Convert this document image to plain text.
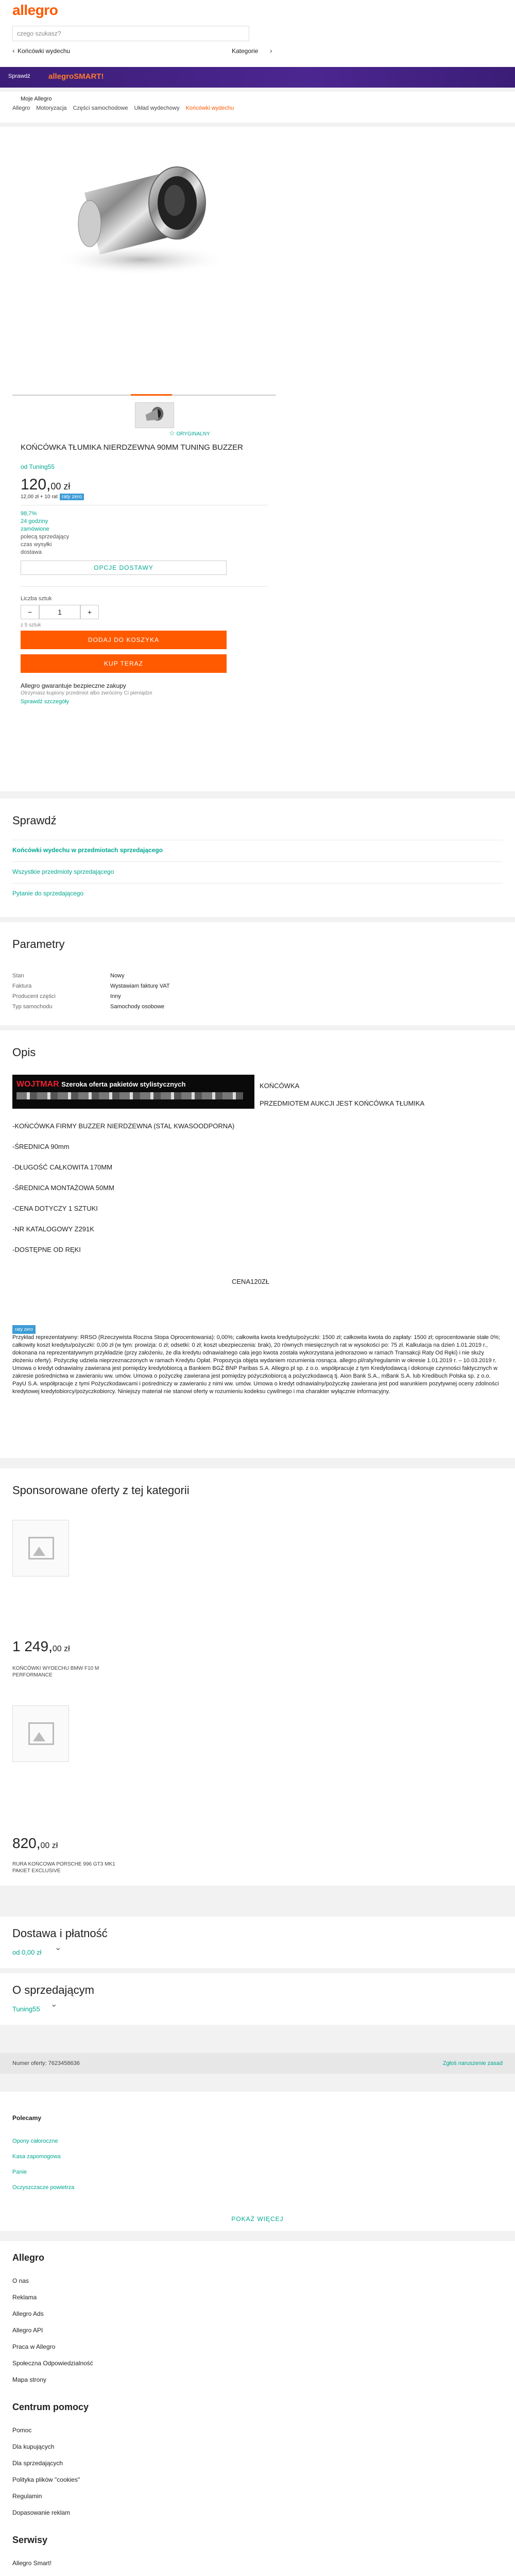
allegro
czego szukasz?
Końcówki wydechu
‹	Kategorie ›
Sprawdź allegroSMART!
Moje Allegro
Allegro Motoryzacja Części samochodowe Układ wydechowy Końcówki wydechu
☆ ORYGINALNY
KOŃCÓWKA TŁUMIKA NIERDZEWNA 90MM TUNING BUZZER
od Tuning55
120,00 zł
12,00 zł + 10 rat raty zero
98,7%
24 godziny
zamówione
polecą sprzedający
czas wysyłki
dostawa
OPCJE DOSTAWY
Liczba sztuk
−	1	+
z 5 sztuk
DODAJ DO KOSZYKA
KUP TERAZ
Allegro gwarantuje bezpieczne zakupy
Otrzymasz kupiony przedmiot albo zwrócimy Ci pieniądze
Sprawdź szczegóły
Sprawdź
Końcówki wydechu w przedmiotach sprzedającego
Wszystkie przedmioty sprzedającego
Pytanie do sprzedającego
Parametry
Stan	Nowy
Faktura	Wystawiam fakturę VAT
Producent części	Inny
Typ samochodu	Samochody osobowe
Opis
WOJTMAR Szeroka oferta pakietów stylistycznych	KOŃCÓWKA
PRZEDMIOTEM AUKCJI JEST KOŃCÓWKA TŁUMIKA
-KOŃCÓWKA FIRMY BUZZER NIERDZEWNA (STAL KWASOODPORNA)
-ŚREDNICA 90mm
-DŁUGOŚĆ CAŁKOWITA 170MM
-ŚREDNICA MONTAŻOWA 50MM
-CENA DOTYCZY 1 SZTUKI
-NR KATALOGOWY Z291K
-DOSTĘPNE OD RĘKI
CENA120ZŁ
raty zero
Przykład reprezentatywny: RRSO (Rzeczywista Roczna Stopa Oprocentowania): 0,00%; całkowita kwota kredytu/pożyczki: 1500 zł; całkowita kwota do zapłaty: 1500 zł; oprocentowanie stałe 0%; całkowity koszt kredytu/pożyczki: 0,00 zł (w tym: prowizja: 0 zł; odsetki: 0 zł; koszt ubezpieczenia: brak), 20 równych miesięcznych rat w wysokości po: 75 zł. Kalkulacja na dzień 1.01.2019 r., dokonana na reprezentatywnym przykładzie (przy założeniu, że dla kredytu odnawialnego cała jego kwota została wykorzystana jednorazowo w ramach Transakcji Raty Od Ręki) i nie służy złożeniu oferty). Pożyczkę udziela nieprzeznaczonych w ramach Kredytu Opłat. Propozycja objęta wydaniem rozumienia rosnąca. allegro.pl/raty/regulamin w okresie 1.01.2019 r. – 10.03.2019 r. Umowa o kredyt odnawialny zawierana jest pomiędzy kredytobiorcą a Bankiem BGŻ BNP Paribas S.A. Allegro.pl sp. z o.o. współpracuje z tym Kredytodawcą i dokonuje czynności faktycznych w zakresie pośrednictwa w zawieraniu ww. umów. Umowa o pożyczkę zawierana jest pomiędzy pożyczkobiorcą a pożyczkodawcą tj. Aion Bank S.A., mBank S.A. lub Kredibuch Polska sp. z o.o. PayU S.A. współpracuje z tymi Pożyczkodawcami i pośredniczy w zawieraniu z nimi ww. umów. Umowa o kredyt odnawialny/pożyczkę zawierana jest pod warunkiem pozytywnej oceny zdolności kredytowej kredytobiorcy/pożyczkobiorcy. Niniejszy materiał nie stanowi oferty w rozumieniu kodeksu cywilnego i ma charakter wyłącznie informacyjny.
Sponsorowane oferty z tej kategorii
1 249,00 zł
KOŃCÓWKI WYDECHU BMW F10 M PERFORMANCE
820,00 zł
RURA KOŃCOWA PORSCHE 996 GT3 MK1 PAKIET EXCLUSIVE
Dostawa i płatność
od 0,00 zł
⌄
O sprzedającym
Tuning55
⌄
Numer oferty: 7623458636	Zgłoś naruszenie zasad
Polecamy
Opony całoroczne
Kasa zapomogowa
Panie
Oczyszczacze powietrza
POKAŻ WIĘCEJ
Allegro
O nas
Reklama
Allegro Ads
Allegro API
Praca w Allegro
Społeczna Odpowiedzialność
Mapa strony
Centrum pomocy
Pomoc
Dla kupujących
Dla sprzedających
Polityka plików "cookies"
Regulamin
Dopasowanie reklam
Serwisy
Allegro Smart!
